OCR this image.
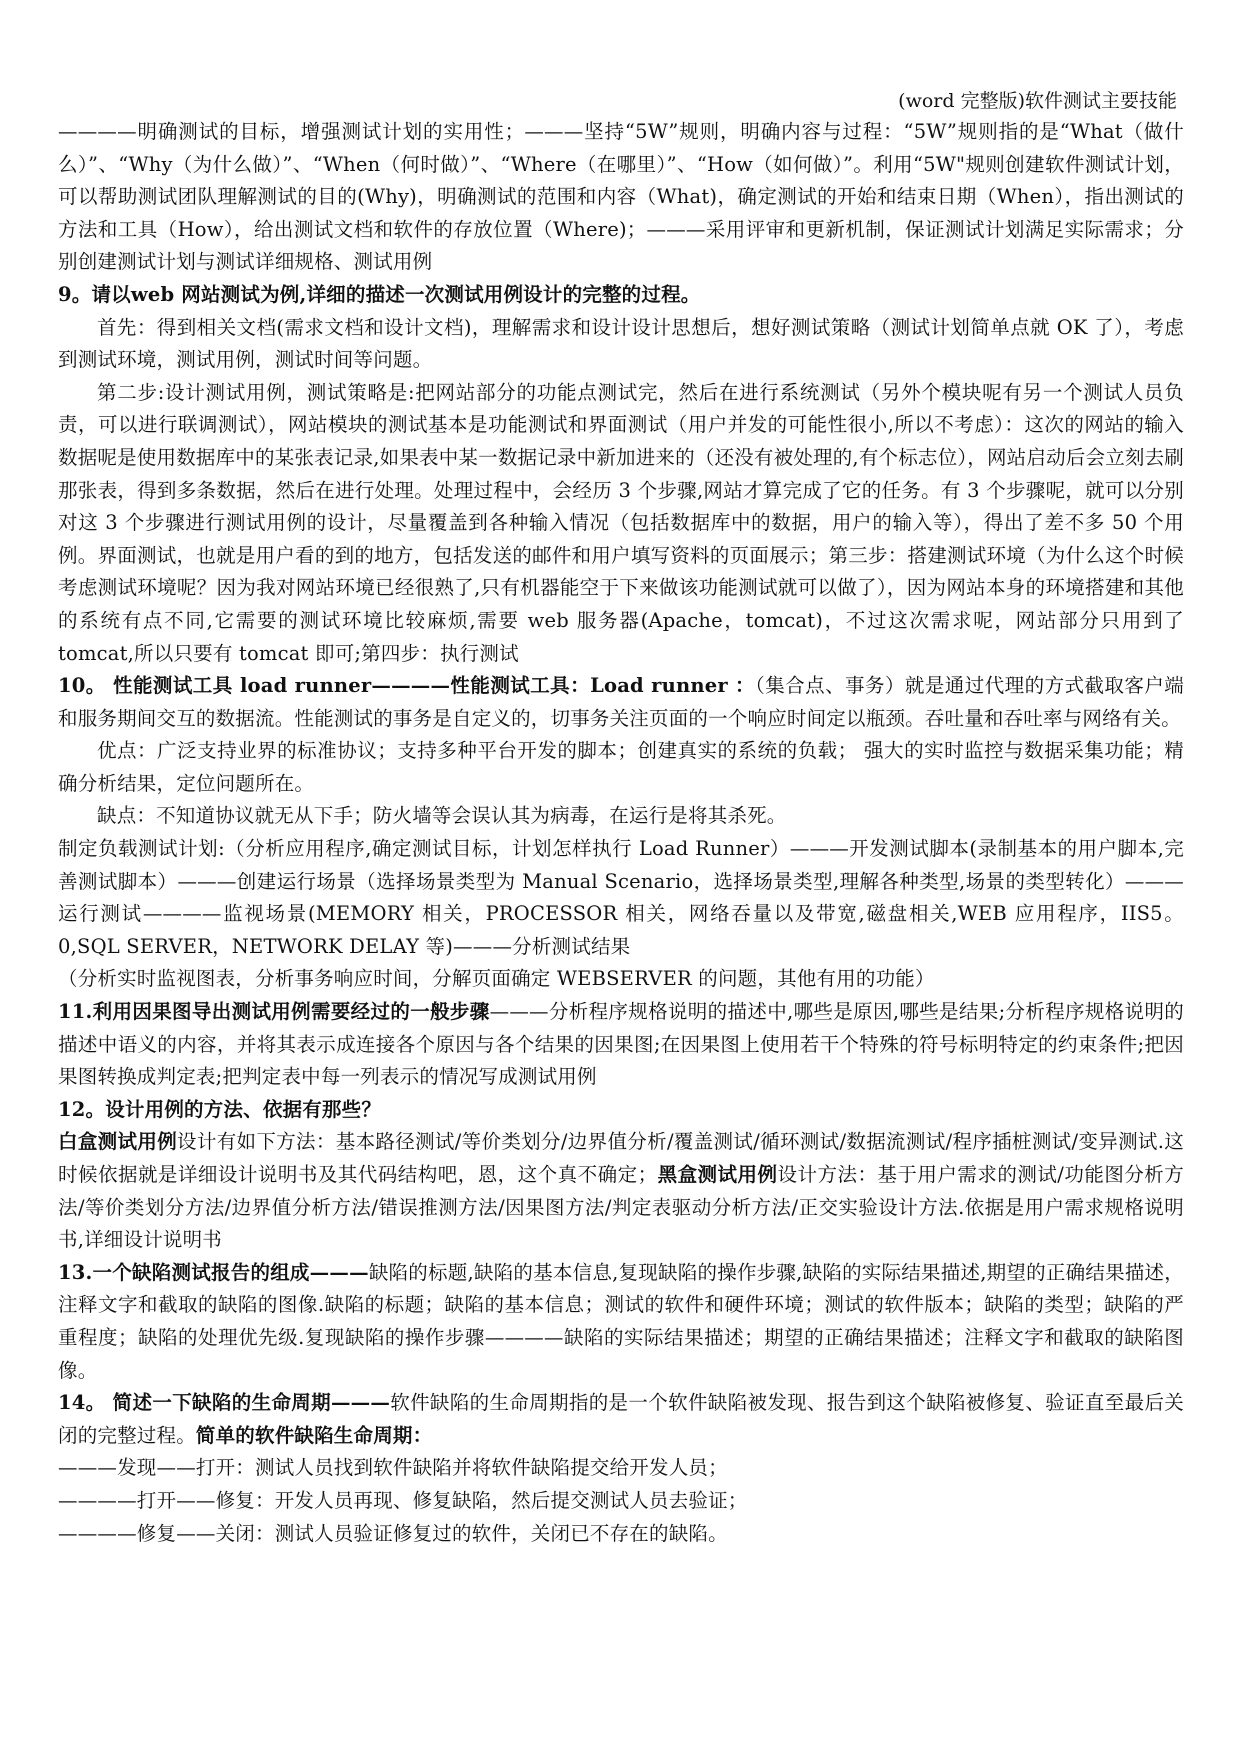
(word 完整版)软件测试主要技能

————明确测试的目标，增强测试计划的实用性；———坚持“5W”规则，明确内容与过程：“5W”规则指的是“What（做什么）”、“Why（为什么做）”、“When（何时做）”、“Where（在哪里）”、“How（如何做）”。利用“5W"规则创建软件测试计划，可以帮助测试团队理解测试的目的(Why)，明确测试的范围和内容（What)，确定测试的开始和结束日期（When），指出测试的方法和工具（How），给出测试文档和软件的存放位置（Where)；———采用评审和更新机制，保证测试计划满足实际需求；分别创建测试计划与测试详细规格、测试用例

9。请以web 网站测试为例,详细的描述一次测试用例设计的完整的过程。

首先：得到相关文档(需求文档和设计文档)，理解需求和设计设计思想后，想好测试策略（测试计划简单点就 OK 了），考虑到测试环境，测试用例，测试时间等问题。

第二步:设计测试用例，测试策略是:把网站部分的功能点测试完，然后在进行系统测试（另外个模块呢有另一个测试人员负责，可以进行联调测试），网站模块的测试基本是功能测试和界面测试（用户并发的可能性很小,所以不考虑）：这次的网站的输入数据呢是使用数据库中的某张表记录,如果表中某一数据记录中新加进来的（还没有被处理的,有个标志位），网站启动后会立刻去刷那张表，得到多条数据，然后在进行处理。处理过程中，会经历 3 个步骤,网站才算完成了它的任务。有 3 个步骤呢，就可以分别对这 3 个步骤进行测试用例的设计，尽量覆盖到各种输入情况（包括数据库中的数据，用户的输入等），得出了差不多 50 个用例。界面测试，也就是用户看的到的地方，包括发送的邮件和用户填写资料的页面展示；第三步：搭建测试环境（为什么这个时候考虑测试环境呢？因为我对网站环境已经很熟了,只有机器能空于下来做该功能测试就可以做了），因为网站本身的环境搭建和其他的系统有点不同,它需要的测试环境比较麻烦,需要 web 服务器(Apache，tomcat)，不过这次需求呢，网站部分只用到了 tomcat,所以只要有 tomcat 即可;第四步：执行测试

10。 性能测试工具 load runner————性能测试工具：Load runner ：（集合点、事务）就是通过代理的方式截取客户端和服务期间交互的数据流。性能测试的事务是自定义的，切事务关注页面的一个响应时间定以瓶颈。吞吐量和吞吐率与网络有关。

优点：广泛支持业界的标准协议；支持多种平台开发的脚本；创建真实的系统的负载； 强大的实时监控与数据采集功能；精确分析结果，定位问题所在。

缺点：不知道协议就无从下手；防火墙等会误认其为病毒，在运行是将其杀死。

制定负载测试计划:（分析应用程序,确定测试目标，计划怎样执行 Load Runner）———开发测试脚本(录制基本的用户脚本,完善测试脚本）———创建运行场景（选择场景类型为 Manual Scenario，选择场景类型,理解各种类型,场景的类型转化）———运行测试————监视场景(MEMORY 相关，PROCESSOR 相关，网络吞量以及带宽,磁盘相关,WEB 应用程序，IIS5。0,SQL SERVER，NETWORK DELAY 等)———分析测试结果

（分析实时监视图表，分析事务响应时间，分解页面确定 WEBSERVER 的问题，其他有用的功能）

11.利用因果图导出测试用例需要经过的一般步骤———分析程序规格说明的描述中,哪些是原因,哪些是结果;分析程序规格说明的描述中语义的内容，并将其表示成连接各个原因与各个结果的因果图;在因果图上使用若干个特殊的符号标明特定的约束条件;把因果图转换成判定表;把判定表中每一列表示的情况写成测试用例

12。设计用例的方法、依据有那些？

白盒测试用例设计有如下方法：基本路径测试/等价类划分/边界值分析/覆盖测试/循环测试/数据流测试/程序插桩测试/变异测试.这时候依据就是详细设计说明书及其代码结构吧，恩，这个真不确定；黑盒测试用例设计方法：基于用户需求的测试/功能图分析方法/等价类划分方法/边界值分析方法/错误推测方法/因果图方法/判定表驱动分析方法/正交实验设计方法.依据是用户需求规格说明书,详细设计说明书

13.一个缺陷测试报告的组成———缺陷的标题,缺陷的基本信息,复现缺陷的操作步骤,缺陷的实际结果描述,期望的正确结果描述，注释文字和截取的缺陷的图像.缺陷的标题；缺陷的基本信息；测试的软件和硬件环境；测试的软件版本；缺陷的类型；缺陷的严重程度；缺陷的处理优先级.复现缺陷的操作步骤————缺陷的实际结果描述；期望的正确结果描述；注释文字和截取的缺陷图像。

14。 简述一下缺陷的生命周期———软件缺陷的生命周期指的是一个软件缺陷被发现、报告到这个缺陷被修复、验证直至最后关闭的完整过程。简单的软件缺陷生命周期：

———发现——打开：测试人员找到软件缺陷并将软件缺陷提交给开发人员；

————打开——修复：开发人员再现、修复缺陷，然后提交测试人员去验证；

————修复——关闭：测试人员验证修复过的软件，关闭已不存在的缺陷。
